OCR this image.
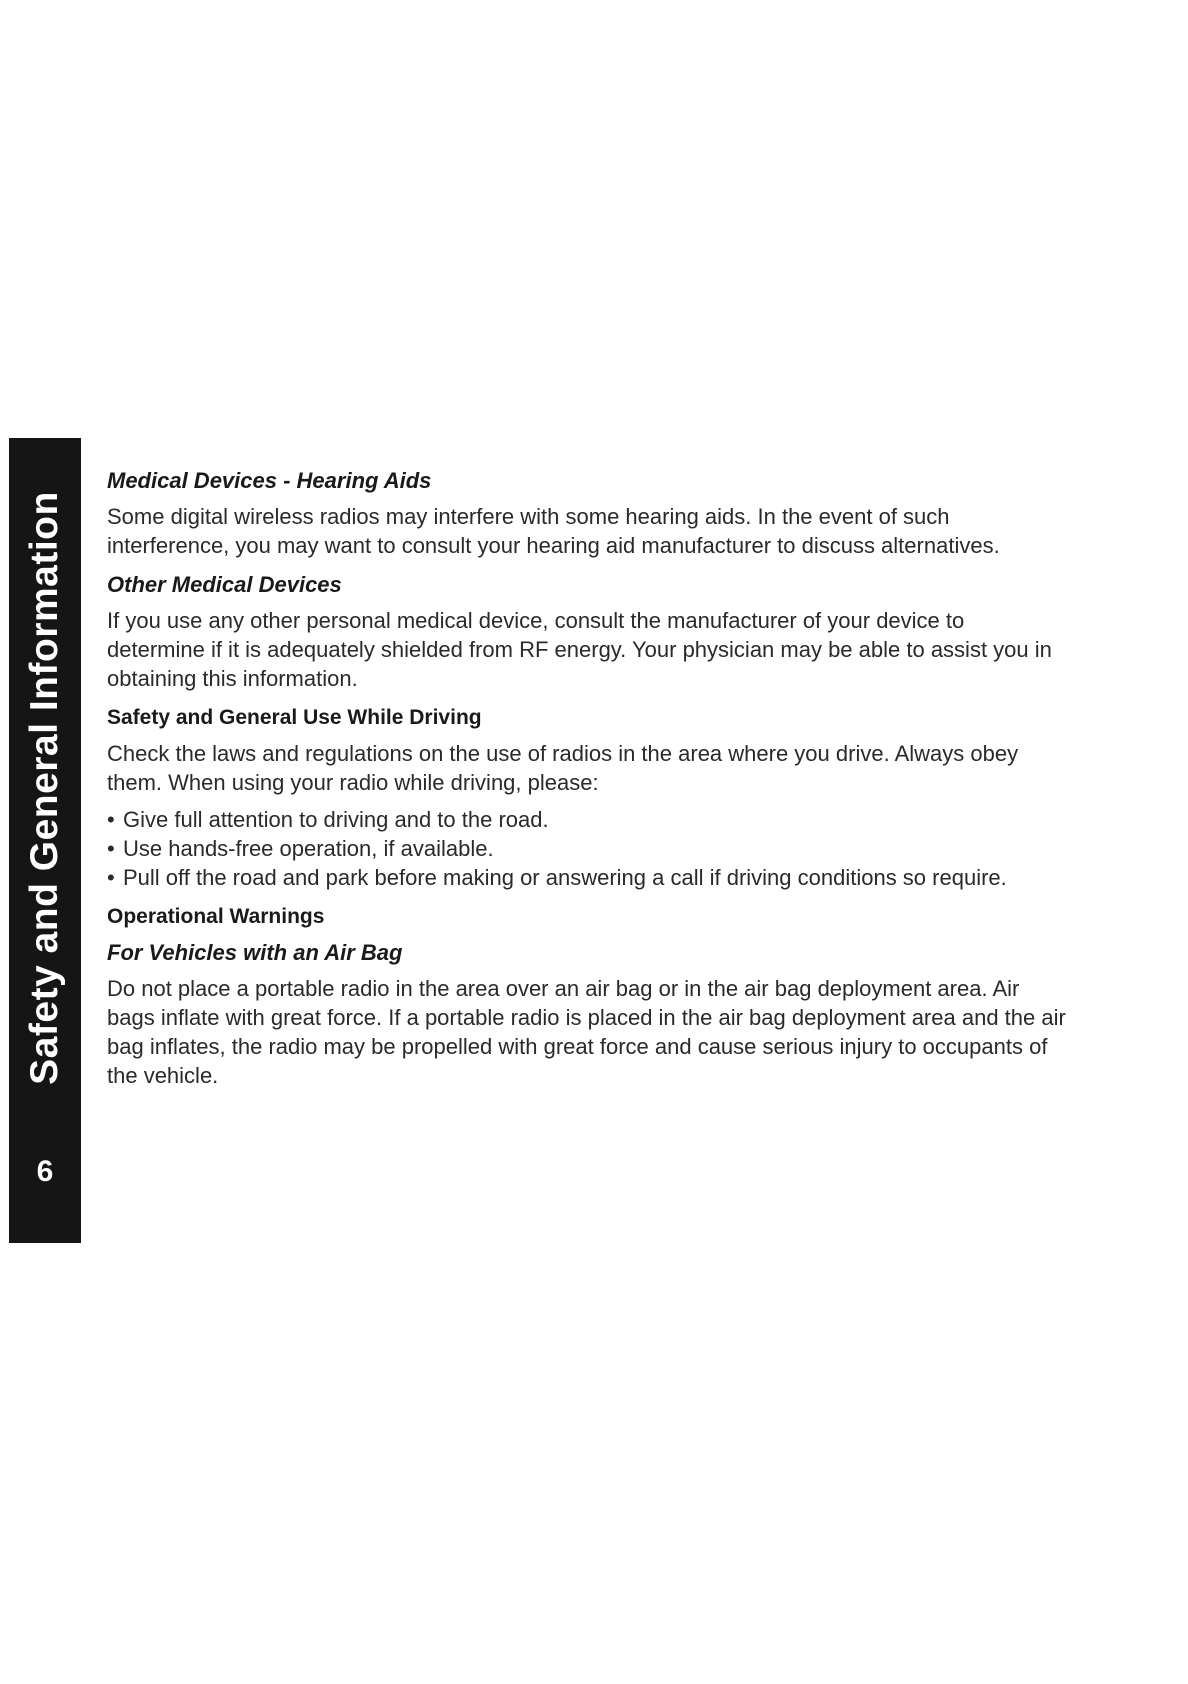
Safety and General Information
6
Medical Devices - Hearing Aids

Some digital wireless radios may interfere with some hearing aids. In the event of such interference, you may want to consult your hearing aid manufacturer to discuss alternatives.

Other Medical Devices

If you use any other personal medical device, consult the manufacturer of your device to determine if it is adequately shielded from RF energy. Your physician may be able to assist you in obtaining this information.

Safety and General Use While Driving

Check the laws and regulations on the use of radios in the area where you drive. Always obey them. When using your radio while driving, please:

• Give full attention to driving and to the road.
• Use hands-free operation, if available.
• Pull off the road and park before making or answering a call if driving conditions so require.
Operational Warnings
For Vehicles with an Air Bag

Do not place a portable radio in the area over an air bag or in the air bag deployment area. Air bags inflate with great force. If a portable radio is placed in the air bag deployment area and the air bag inflates, the radio may be propelled with great force and cause serious injury to occupants of the vehicle.
